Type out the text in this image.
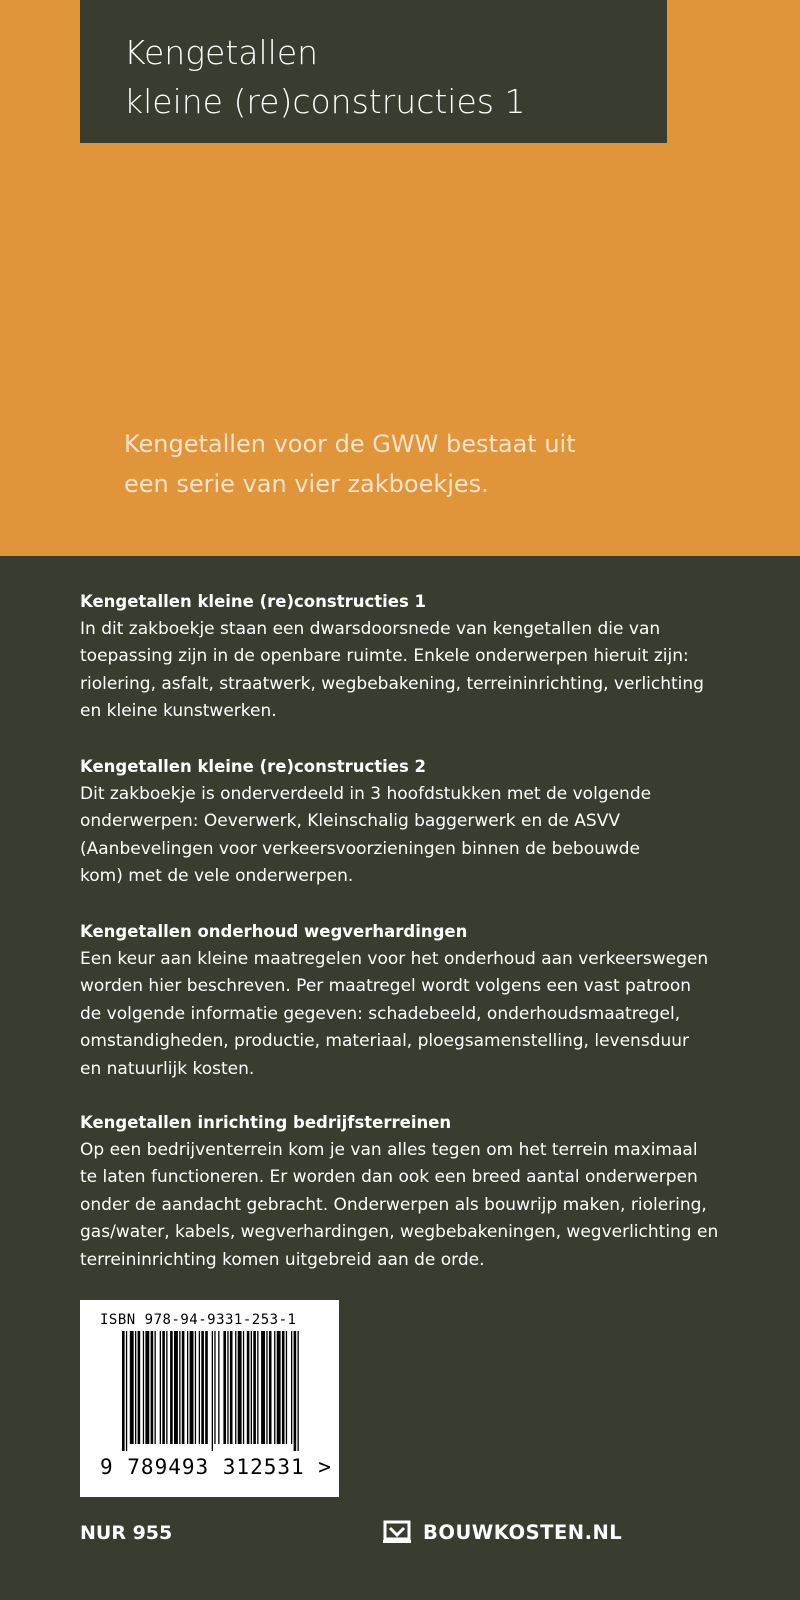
Kengetallen
kleine (re)constructies 1
Kengetallen voor de GWW bestaat uit
een serie van vier zakboekjes.
Kengetallen kleine (re)constructies 1
In dit zakboekje staan een dwarsdoorsnede van kengetallen die van
toepassing zijn in de openbare ruimte. Enkele onderwerpen hieruit zijn:
riolering, asfalt, straatwerk, wegbebakening, terreininrichting, verlichting
en kleine kunstwerken.
Kengetallen kleine (re)constructies 2
Dit zakboekje is onderverdeeld in 3 hoofdstukken met de volgende
onderwerpen: Oeverwerk, Kleinschalig baggerwerk en de ASVV
(Aanbevelingen voor verkeersvoorzieningen binnen de bebouwde
kom) met de vele onderwerpen.
Kengetallen onderhoud wegverhardingen
Een keur aan kleine maatregelen voor het onderhoud aan verkeerswegen
worden hier beschreven. Per maatregel wordt volgens een vast patroon
de volgende informatie gegeven: schadebeeld, onderhoudsmaatregel,
omstandigheden, productie, materiaal, ploegsamenstelling, levensduur
en natuurlijk kosten.
Kengetallen inrichting bedrijfsterreinen
Op een bedrijventerrein kom je van alles tegen om het terrein maximaal
te laten functioneren. Er worden dan ook een breed aantal onderwerpen
onder de aandacht gebracht. Onderwerpen als bouwrijp maken, riolering,
gas/water, kabels, wegverhardingen, wegbebakeningen, wegverlichting en
terreininrichting komen uitgebreid aan de orde.
ISBN 978-94-9331-253-1
9 789493 312531 >
NUR 955	BOUWKOSTEN.NL
